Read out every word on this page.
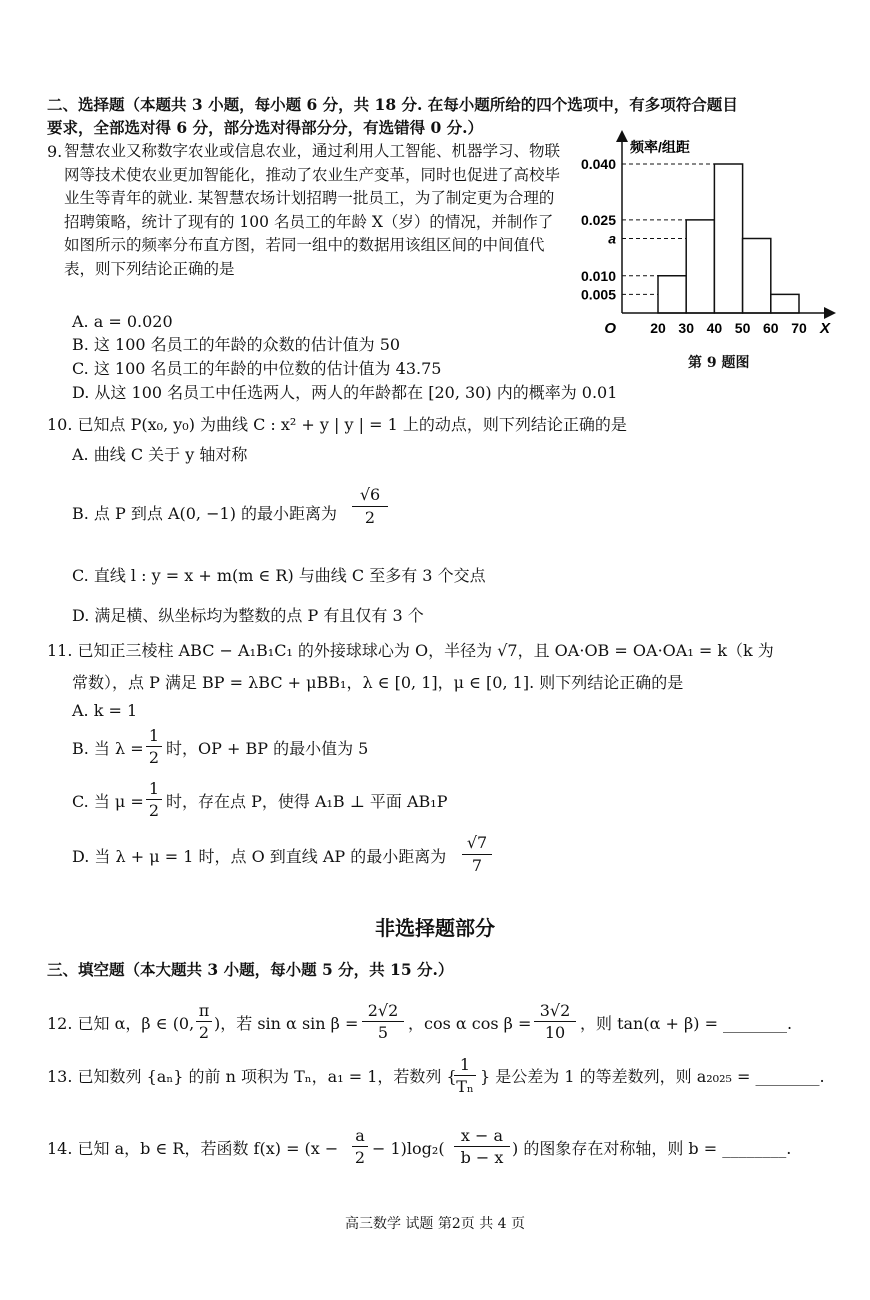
二、选择题（本题共 3 小题，每小题 6 分，共 18 分. 在每小题所给的四个选项中，有多项符合题目
要求，全部选对得 6 分，部分选对得部分分，有选错得 0 分.）
9. 智慧农业又称数字农业或信息农业，通过利用人工智能、机器学习、物联网等技术使农业更加智能化，推动了农业生产变革，同时也促进了高校毕业生等青年的就业. 某智慧农场计划招聘一批员工，为了制定更为合理的招聘策略，统计了现有的 100 名员工的年龄 X（岁）的情况，并制作了如图所示的频率分布直方图，若同一组中的数据用该组区间的中间值代表，则下列结论正确的是
A. a = 0.020
B. 这 100 名员工的年龄的众数的估计值为 50
C. 这 100 名员工的年龄的中位数的估计值为 43.75
D. 从这 100 名员工中任选两人，两人的年龄都在 [20, 30) 内的概率为 0.01
0.040
0.025
a
0.010
0.005
20 30 40 50 60 70
O	X
频率/组距
第 9 题图
10. 已知点 P(x₀, y₀) 为曲线 C : x² + y | y | = 1 上的动点，则下列结论正确的是
A. 曲线 C 关于 y 轴对称
B. 点 P 到点 A(0, −1) 的最小距离为 $\frac{√6}{2}$
C. 直线 l : y = x + m(m ∈ R) 与曲线 C 至多有 3 个交点
D. 满足横、纵坐标均为整数的点 P 有且仅有 3 个
11. 已知正三棱柱 ABC − A₁B₁C₁ 的外接球球心为 O，半径为 √7，且 OA·OB = OA·OA₁ = k（k 为
常数），点 P 满足 BP = λBC + μBB₁，λ ∈ [0, 1]，μ ∈ [0, 1]. 则下列结论正确的是
A. k = 1
B. 当 $\lambda = \frac{1}{2}$ 时，OP + BP 的最小值为 5
C. 当 $\mu = \frac{1}{2}$ 时，存在点 P，使得 A₁B ⊥ 平面 AB₁P
D. 当 λ + μ = 1 时，点 O 到直线 AP 的最小距离为 $\frac{√7}{7}$
非选择题部分
三、填空题（本大题共 3 小题，每小题 5 分，共 15 分.）
12. 已知 α，β ∈ (0, $\frac{\pi}{2}$ )，若 sin α $\sin \beta = \frac{2√2}{5}$ ，cos α $\cos \beta = \frac{3√2}{10}$ ，则 tan(α + β) = ________.
13. 已知数列 {aₙ} 的前 n 项积为 Tₙ，a₁ = 1，若数列 {
$\frac{1}{\text{Tₙ}}$ } 是公差为 1 的等差数列，则 a₂₀₂₅ = ________.
14. 已知 a，b ∈ R，若函数 $f(x) = (x - \frac{a}{2} - 1)\log_2( \frac{x - a}{b - x}$ ) 的图象存在对称轴，则 b = ________.
高三数学 试题 第2页 共 4 页
